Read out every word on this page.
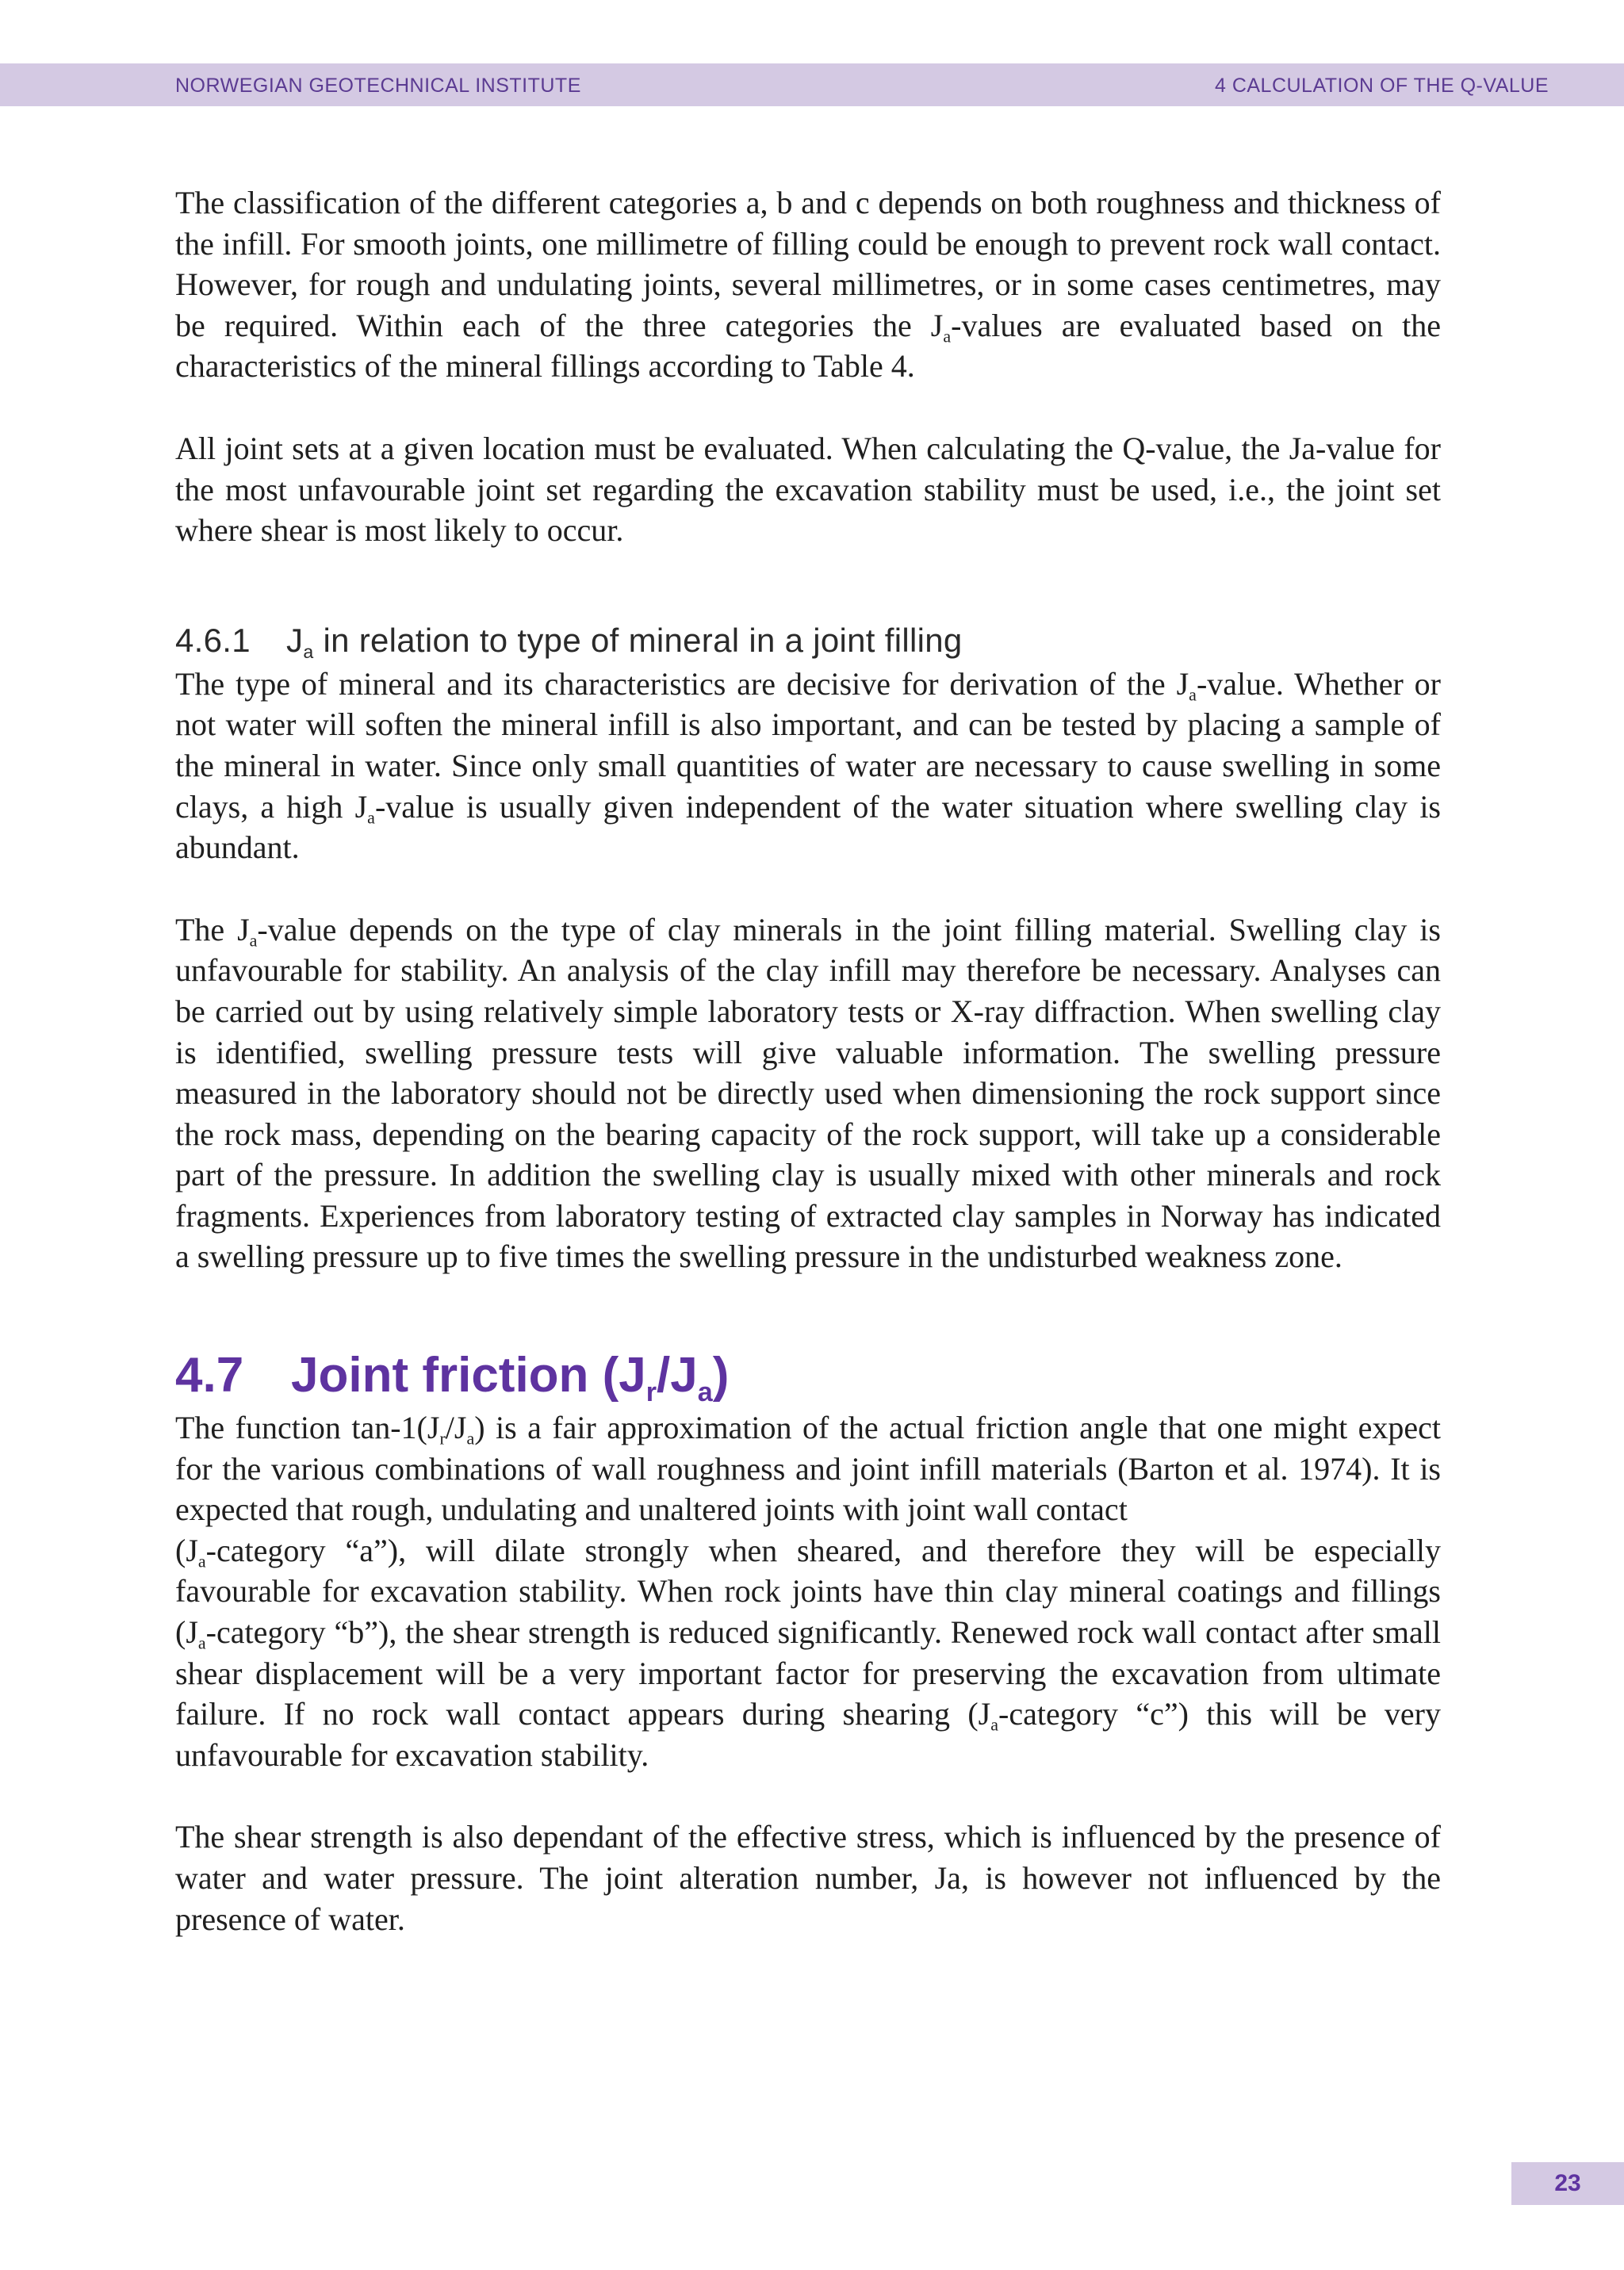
NORWEGIAN GEOTECHNICAL INSTITUTE	4 CALCULATION OF THE Q-VALUE

The classification of the different categories a, b and c depends on both roughness and thickness of the infill. For smooth joints, one millimetre of filling could be enough to prevent rock wall contact. However, for rough and undulating joints, several millimetres, or in some cases centimetres, may be required. Within each of the three categories the $J_a$-values are evaluated based on the characteristics of the mineral fillings according to Table 4.

All joint sets at a given location must be evaluated. When calculating the Q-value, the Ja-value for the most unfavourable joint set regarding the excavation stability must be used, i.e., the joint set where shear is most likely to occur.

4.6.1 $J_a$ in relation to type of mineral in a joint filling

The type of mineral and its characteristics are decisive for derivation of the $J_a$-value. Whether or not water will soften the mineral infill is also important, and can be tested by placing a sample of the mineral in water. Since only small quantities of water are necessary to cause swelling in some clays, a high $J_a$-value is usually given independent of the water situation where swelling clay is abundant.

The $J_a$-value depends on the type of clay minerals in the joint filling material. Swelling clay is unfavourable for stability. An analysis of the clay infill may therefore be necessary. Analyses can be carried out by using relatively simple laboratory tests or X-ray diffraction. When swelling clay is identified, swelling pressure tests will give valuable information. The swelling pressure measured in the laboratory should not be directly used when dimensioning the rock support since the rock mass, depending on the bearing capacity of the rock support, will take up a considerable part of the pressure. In addition the swelling clay is usually mixed with other minerals and rock fragments. Experiences from laboratory testing of extracted clay samples in Norway has indicated a swelling pressure up to five times the swelling pressure in the undisturbed weakness zone.

4.7 Joint friction $(J_r/J_a)$

The function $\tan-1(J_r/J_a)$ is a fair approximation of the actual friction angle that one might expect for the various combinations of wall roughness and joint infill materials (Barton et al. 1974). It is expected that rough, undulating and unaltered joints with joint wall contact
($J_a$-category “a”), will dilate strongly when sheared, and therefore they will be especially favourable for excavation stability. When rock joints have thin clay mineral coatings and fillings ($J_a$-category “b”), the shear strength is reduced significantly. Renewed rock wall contact after small shear displacement will be a very important factor for preserving the excavation from ultimate failure. If no rock wall contact appears during shearing ($J_a$-category “c”) this will be very unfavourable for excavation stability.

The shear strength is also dependant of the effective stress, which is influenced by the presence of water and water pressure. The joint alteration number, Ja, is however not influenced by the presence of water.

23
